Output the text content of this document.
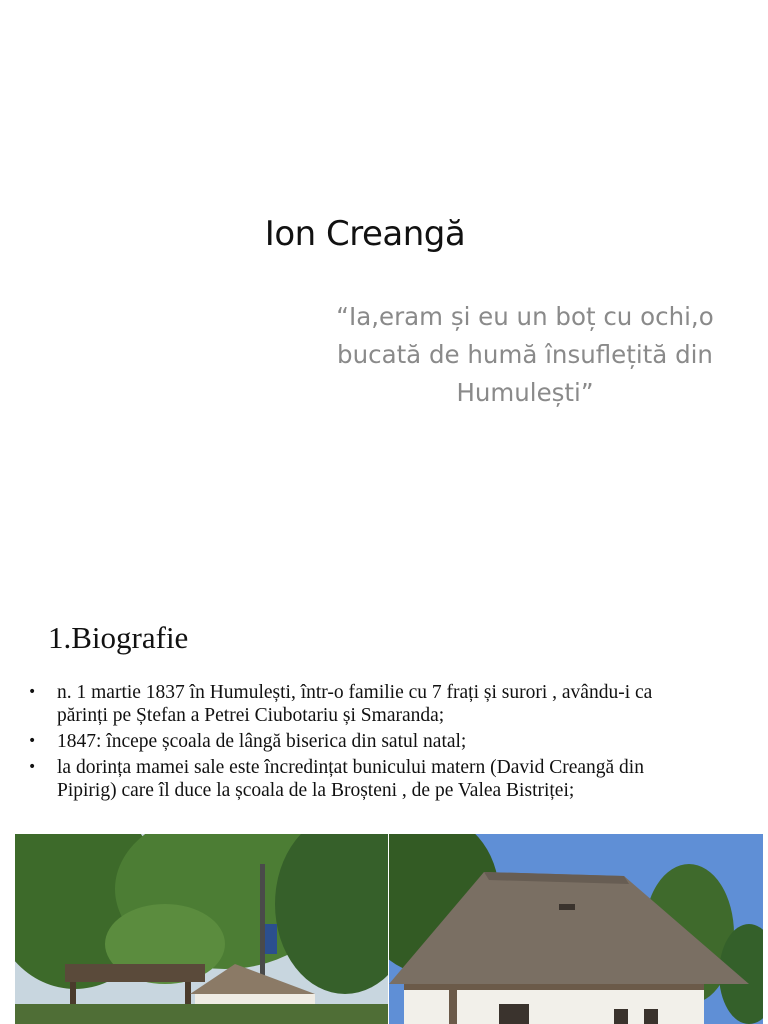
Ion Creangă
“Ia,eram și eu un boț cu ochi,o
bucată de humă însuflețită din
Humulești”
1.Biografie
• n. 1 martie 1837 în Humulești, într-o familie cu 7 frați și surori , avându-i ca
părinți pe Ștefan a Petrei Ciubotariu și Smaranda;
• 1847: începe școala de lângă biserica din satul natal;
• la dorința mamei sale este încredințat bunicului matern (David Creangă din
Pipirig) care îl duce la școala de la Broșteni , de pe Valea Bistriței;
